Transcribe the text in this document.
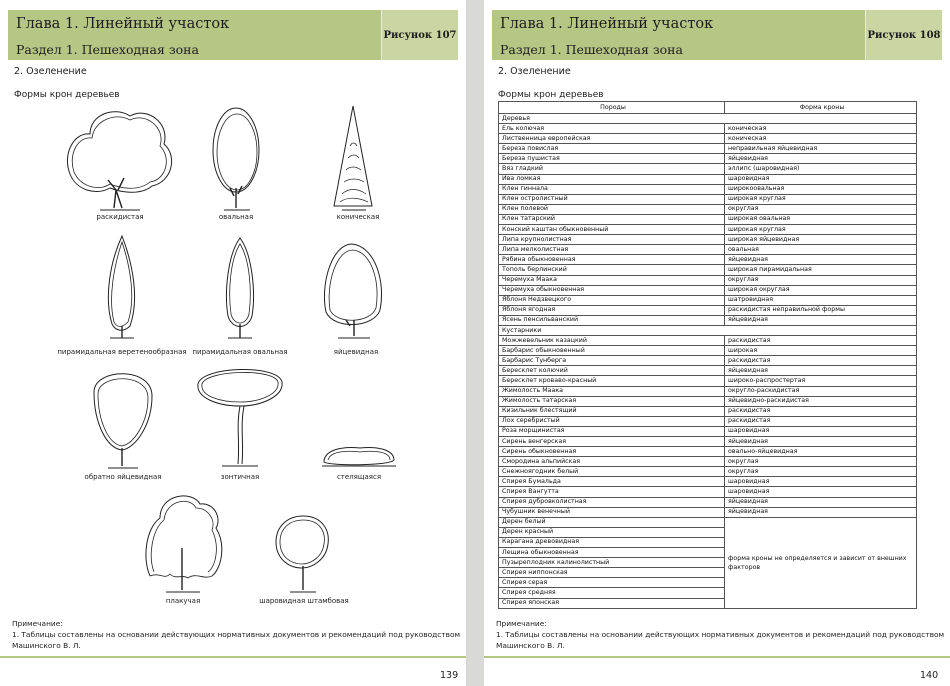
Глава 1. Линейный участок
Раздел 1. Пешеходная зона
Рисунок 107
2. Озеленение
Формы крон деревьев
раскидистая	овальная	коническая
пирамидальная веретенообразная пирамидальная овальная	яйцевидная
обратно яйцевидная	зонтичная	стелящаяся
плакучая	шаровидная штамбовая
Примечание:
1. Таблицы составлены на основании действующих нормативных документов и рекомендаций под руководством
Машинского В. Л.
139
Глава 1. Линейный участок
Раздел 1. Пешеходная зона
Рисунок 108
2. Озеленение
Формы крон деревьев
Породы	Форма кроны
Деревья	
Ель колючая	коническая
Лиственница европейская	коническая
Береза повислая	неправильная яйцевидная
Береза пушистая	яйцевидная
Вяз гладкий	эллипс (шаровидная)
Ива ломкая	шаровидная
Клен гиннала	широкоовальная
Клен остролистный	широкая круглая
Клен полевой	округлая
Клен татарский	широкая овальная
Конский каштан обыкновенный	широкая круглая
Липа крупнолистная	широкая яйцевидная
Липа мелколистная	овальная
Рябина обыкновенная	яйцевидная
Тополь берлинский	широкая пирамидальная
Черемуха Маака	округлая
Черемуха обыкновенная	широкая округлая
Яблоня Недзвецкого	шатровидная
Яблоня ягодная	раскидистая неправильной формы
Ясень пенсильванский	яйцевидная
Кустарники	
Можжевельник казацкий	раскидистая
Барбарис обыкновенный	широкая
Барбарис Тунберга	раскидистая
Бересклет колючий	яйцевидная
Бересклет кроваво-красный	широко-распростертая
Жимолость Маака	округло-раскидистая
Жимолость татарская	яйцевидно-раскидистая
Кизильник блестящий	раскидистая
Лох серебристый	раскидистая
Роза морщинистая	шаровидная
Сирень венгерская	яйцевидная
Сирень обыкновенная	овально-яйцевидная
Смородина альпийская	округлая
Снежноягодник белый	округлая
Спирея Бумальда	шаровидная
Спирея Вангутта	шаровидная
Спирея дубровколистная	яйцевидная
Чубушник венечный	яйцевидная
Дерен белый	форма кроны не определяется и зависит от внешних факторов
Дерен красный	
Карагана древовидная	
Лещина обыкновенная	
Пузыреплодник калинолистный	
Спирея ниппонская	
Спирея серая	
Спирея средняя	
Спирея японская	
Примечание:
1. Таблицы составлены на основании действующих нормативных документов и рекомендаций под руководством
Машинского В. Л.
140
